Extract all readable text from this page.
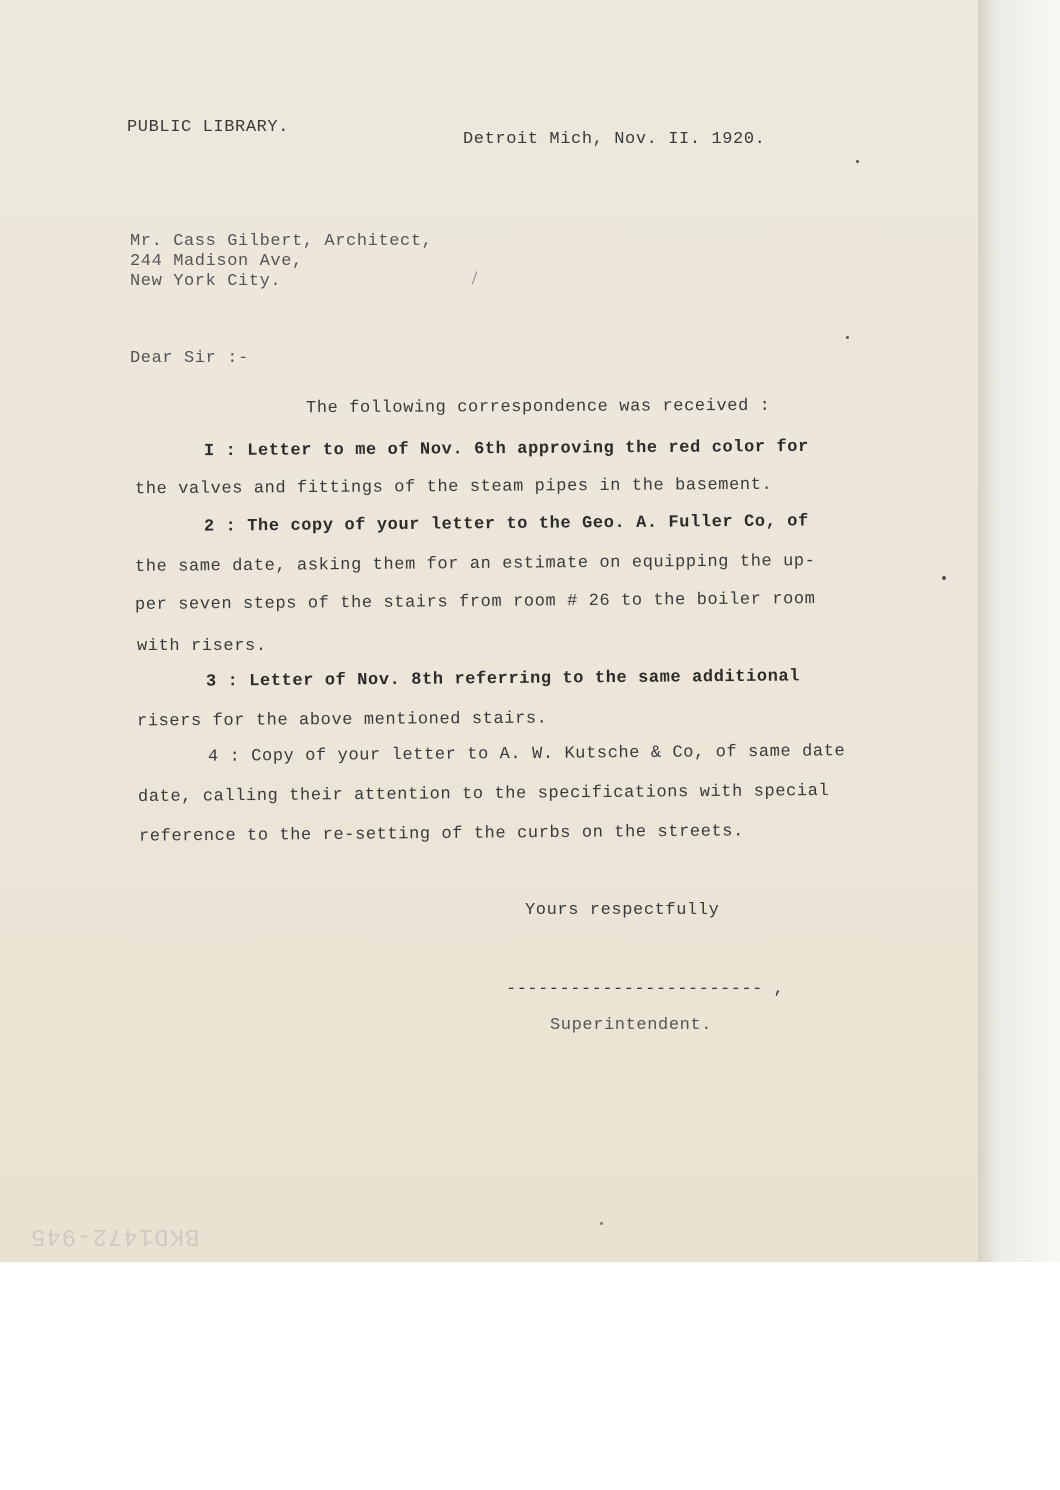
PUBLIC LIBRARY.
Detroit Mich, Nov. II. 1920.
Mr. Cass Gilbert, Architect,
244 Madison Ave,
New York City.
Dear Sir :-
The following correspondence was received :
I : Letter to me of Nov. 6th approving the red color for
the valves and fittings of the steam pipes in the basement.
2 : The copy of your letter to the Geo. A. Fuller Co, of
the same date, asking them for an estimate on equipping the up-
per seven steps of the stairs from room # 26 to the boiler room
with risers.
3 : Letter of Nov. 8th referring to the same additional
risers for the above mentioned stairs.
4 : Copy of your letter to A. W. Kutsche & Co, of same date
date, calling their attention to the specifications with special
reference to the re-setting of the curbs on the streets.
Yours respectfully
------------------------ ,
Superintendent.
BKD1472-945
